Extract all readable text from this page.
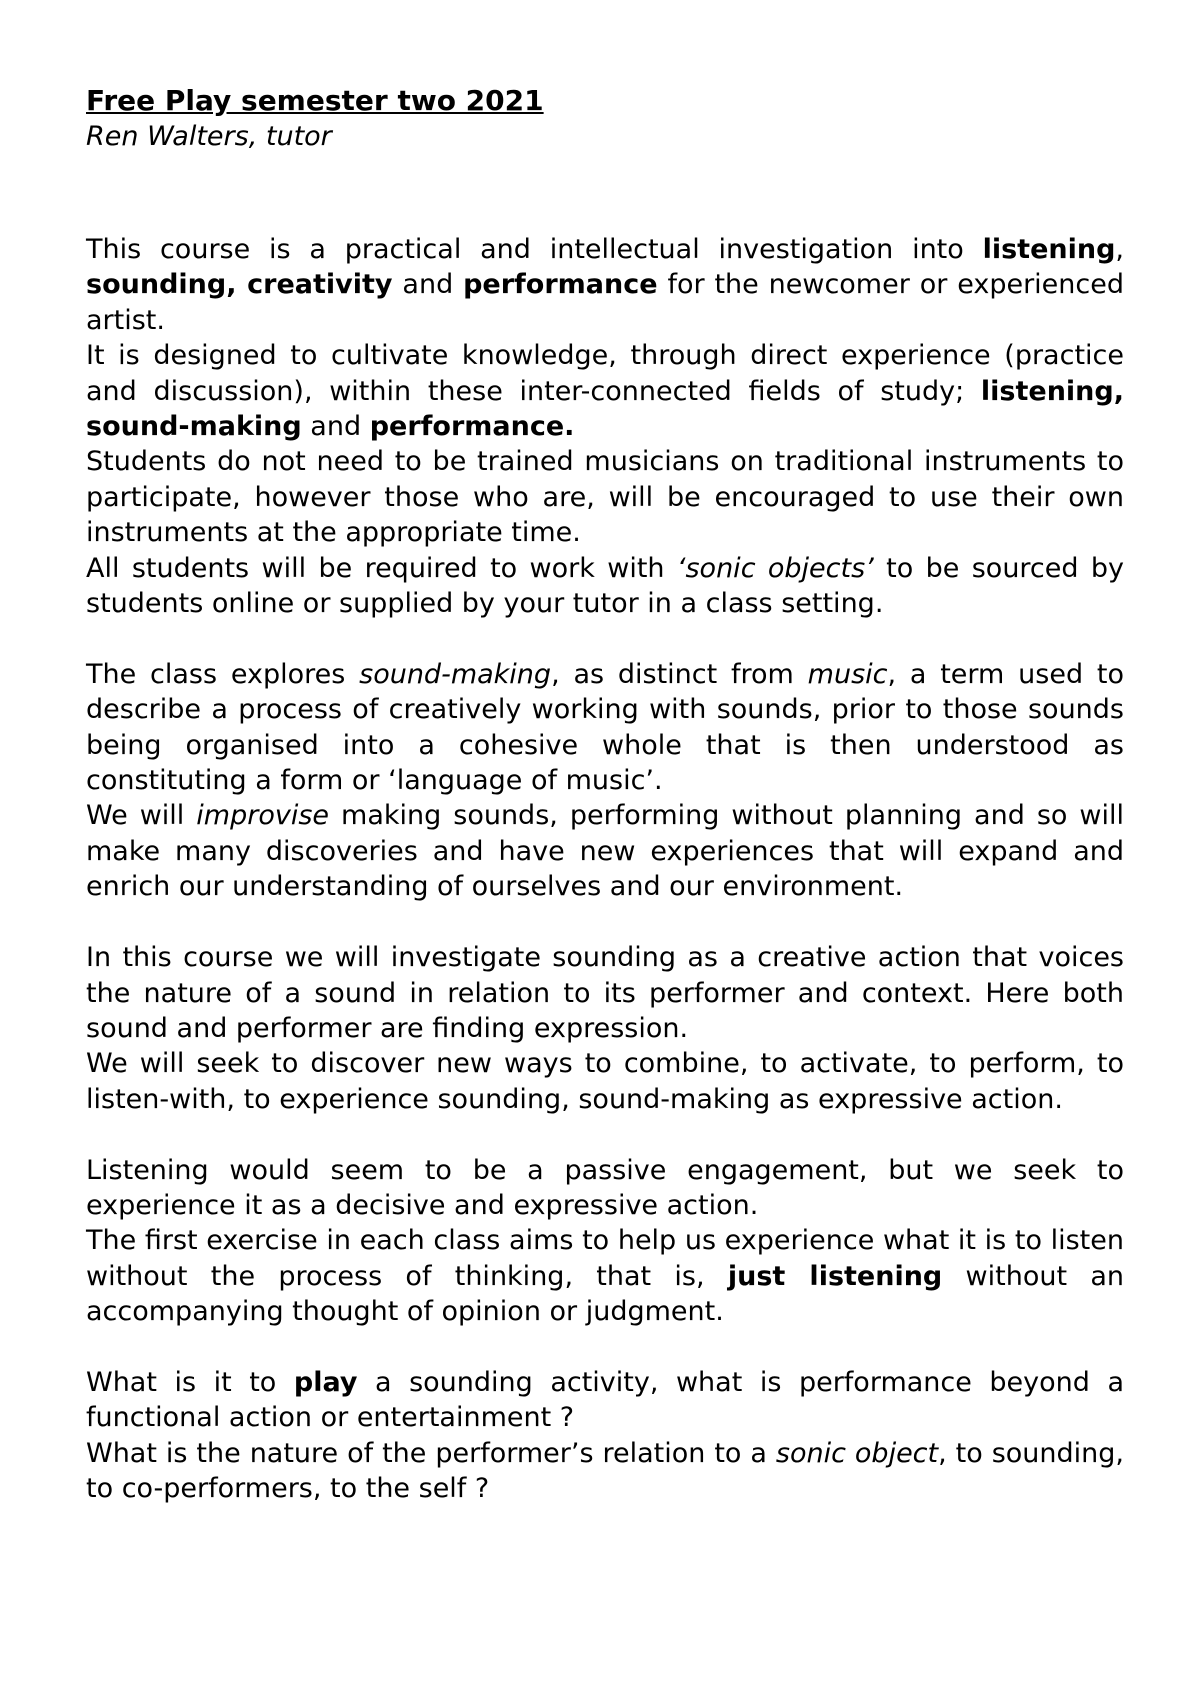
Free Play semester two 2021

Ren Walters, tutor

This course is a practical and intellectual investigation into listening, sounding, creativity and performance for the newcomer or experienced artist.

It is designed to cultivate knowledge, through direct experience (practice and discussion), within these inter-connected fields of study; listening, sound-making and performance.

Students do not need to be trained musicians on traditional instruments to participate, however those who are, will be encouraged to use their own instruments at the appropriate time.

All students will be required to work with ‘sonic objects’ to be sourced by students online or supplied by your tutor in a class setting.

The class explores sound-making, as distinct from music, a term used to describe a process of creatively working with sounds, prior to those sounds being organised into a cohesive whole that is then understood as constituting a form or ‘language of music’.

We will improvise making sounds, performing without planning and so will make many discoveries and have new experiences that will expand and enrich our understanding of ourselves and our environment.

In this course we will investigate sounding as a creative action that voices the nature of a sound in relation to its performer and context. Here both sound and performer are finding expression.

We will seek to discover new ways to combine, to activate, to perform, to listen-with, to experience sounding, sound-making as expressive action.

Listening would seem to be a passive engagement, but we seek to experience it as a decisive and expressive action.

The first exercise in each class aims to help us experience what it is to listen without the process of thinking, that is, just listening without an accompanying thought of opinion or judgment.

What is it to play a sounding activity, what is performance beyond a functional action or entertainment ?

What is the nature of the performer’s relation to a sonic object, to sounding, to co-performers, to the self ?
